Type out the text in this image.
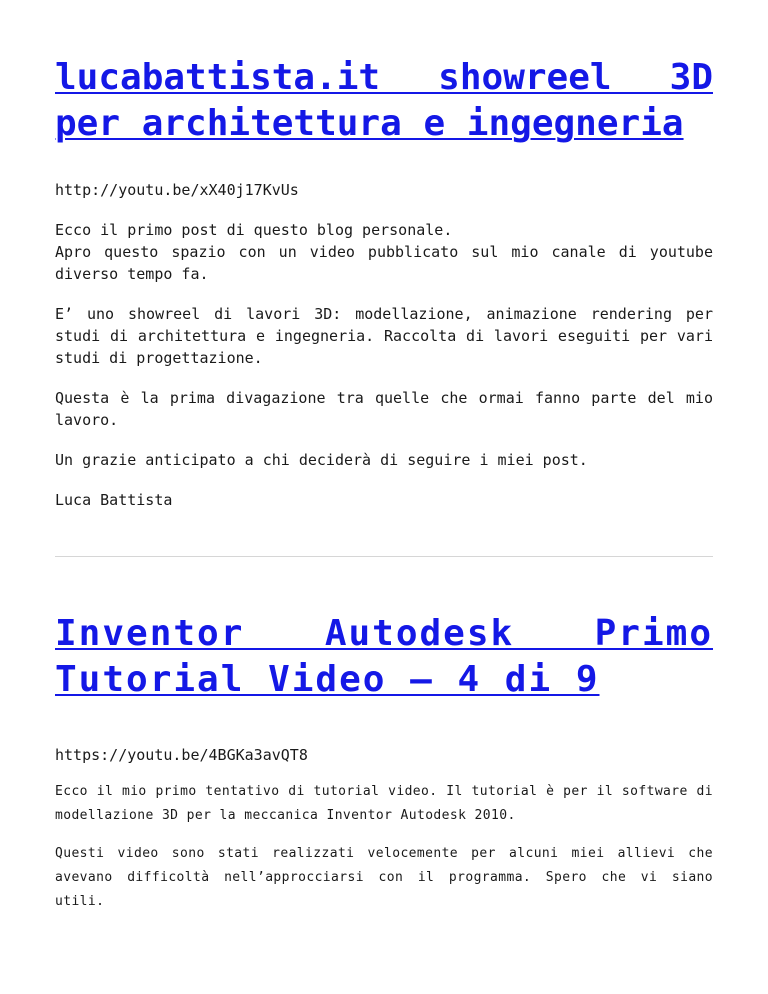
lucabattista.it showreel 3D per architettura e ingegneria

http://youtu.be/xX40j17KvUs

Ecco il primo post di questo blog personale.
Apro questo spazio con un video pubblicato sul mio canale di youtube diverso tempo fa.

E’ uno showreel di lavori 3D: modellazione, animazione rendering per studi di architettura e ingegneria. Raccolta di lavori eseguiti per vari studi di progettazione.

Questa è la prima divagazione tra quelle che ormai fanno parte del mio lavoro.

Un grazie anticipato a chi deciderà di seguire i miei post.

Luca Battista

Inventor Autodesk Primo Tutorial Video – 4 di 9

https://youtu.be/4BGKa3avQT8

Ecco il mio primo tentativo di tutorial video. Il tutorial è per il software di modellazione 3D per la meccanica Inventor Autodesk 2010.

Questi video sono stati realizzati velocemente per alcuni miei allievi che avevano difficoltà nell’approcciarsi con il programma. Spero che vi siano utili.
